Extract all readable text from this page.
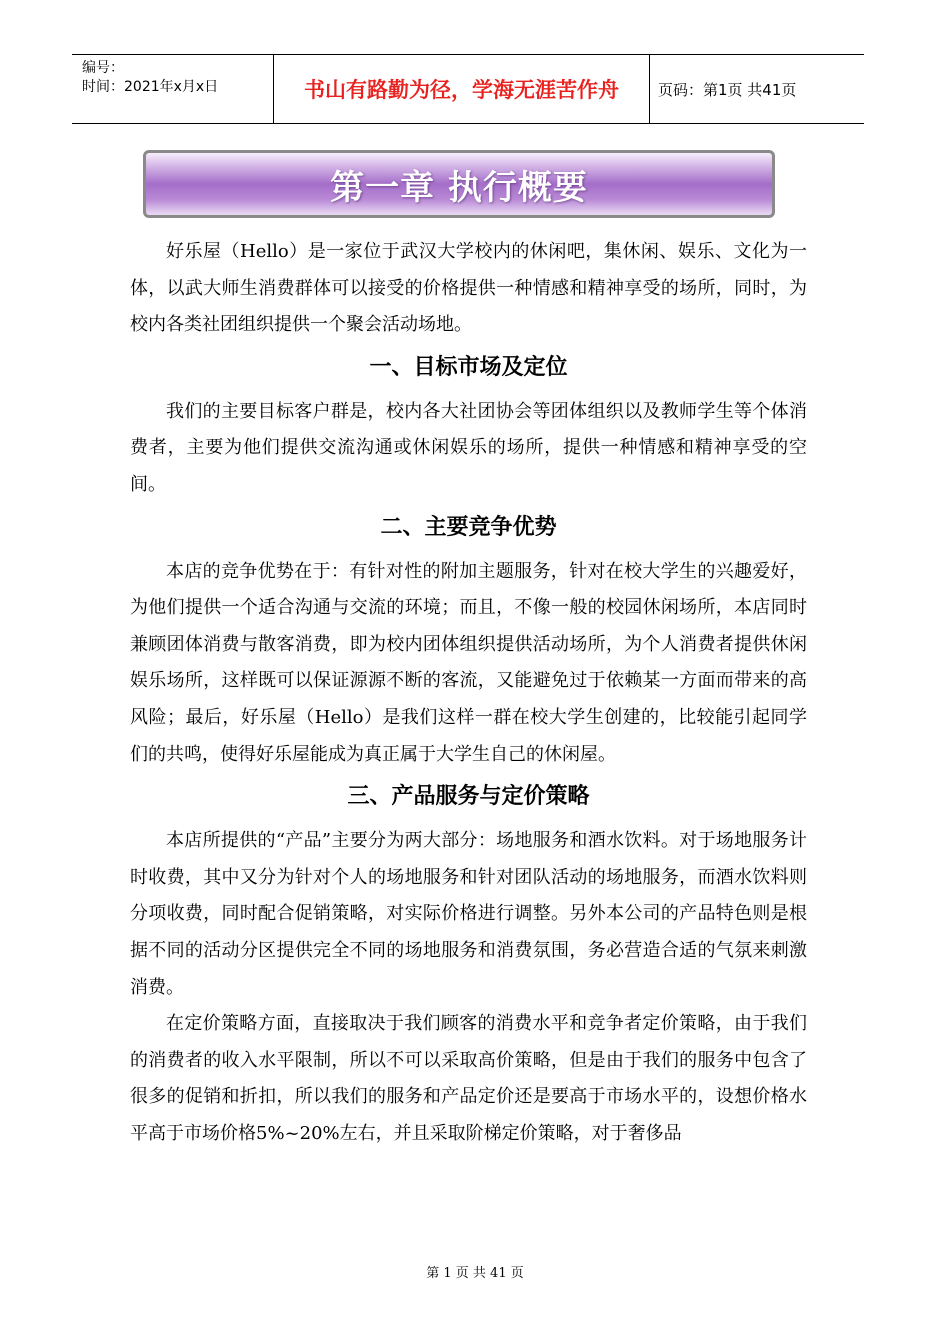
编号：
时间：2021年x月x日	书山有路勤为径，学海无涯苦作舟	页码：第1页 共41页
第一章 执行概要

好乐屋（Hello）是一家位于武汉大学校内的休闲吧，集休闲、娱乐、文化为一体，以武大师生消费群体可以接受的价格提供一种情感和精神享受的场所，同时，为校内各类社团组织提供一个聚会活动场地。

一、目标市场及定位

我们的主要目标客户群是，校内各大社团协会等团体组织以及教师学生等个体消费者，主要为他们提供交流沟通或休闲娱乐的场所，提供一种情感和精神享受的空间。

二、主要竞争优势

本店的竞争优势在于：有针对性的附加主题服务，针对在校大学生的兴趣爱好，为他们提供一个适合沟通与交流的环境；而且，不像一般的校园休闲场所，本店同时兼顾团体消费与散客消费，即为校内团体组织提供活动场所，为个人消费者提供休闲娱乐场所，这样既可以保证源源不断的客流，又能避免过于依赖某一方面而带来的高风险；最后，好乐屋（Hello）是我们这样一群在校大学生创建的，比较能引起同学们的共鸣，使得好乐屋能成为真正属于大学生自己的休闲屋。

三、产品服务与定价策略

本店所提供的“产品”主要分为两大部分：场地服务和酒水饮料。对于场地服务计时收费，其中又分为针对个人的场地服务和针对团队活动的场地服务，而酒水饮料则分项收费，同时配合促销策略，对实际价格进行调整。另外本公司的产品特色则是根据不同的活动分区提供完全不同的场地服务和消费氛围，务必营造合适的气氛来刺激消费。

在定价策略方面，直接取决于我们顾客的消费水平和竞争者定价策略，由于我们的消费者的收入水平限制，所以不可以采取高价策略，但是由于我们的服务中包含了很多的促销和折扣，所以我们的服务和产品定价还是要高于市场水平的，设想价格水平高于市场价格5%~20%左右，并且采取阶梯定价策略，对于奢侈品

第 1 页 共 41 页
